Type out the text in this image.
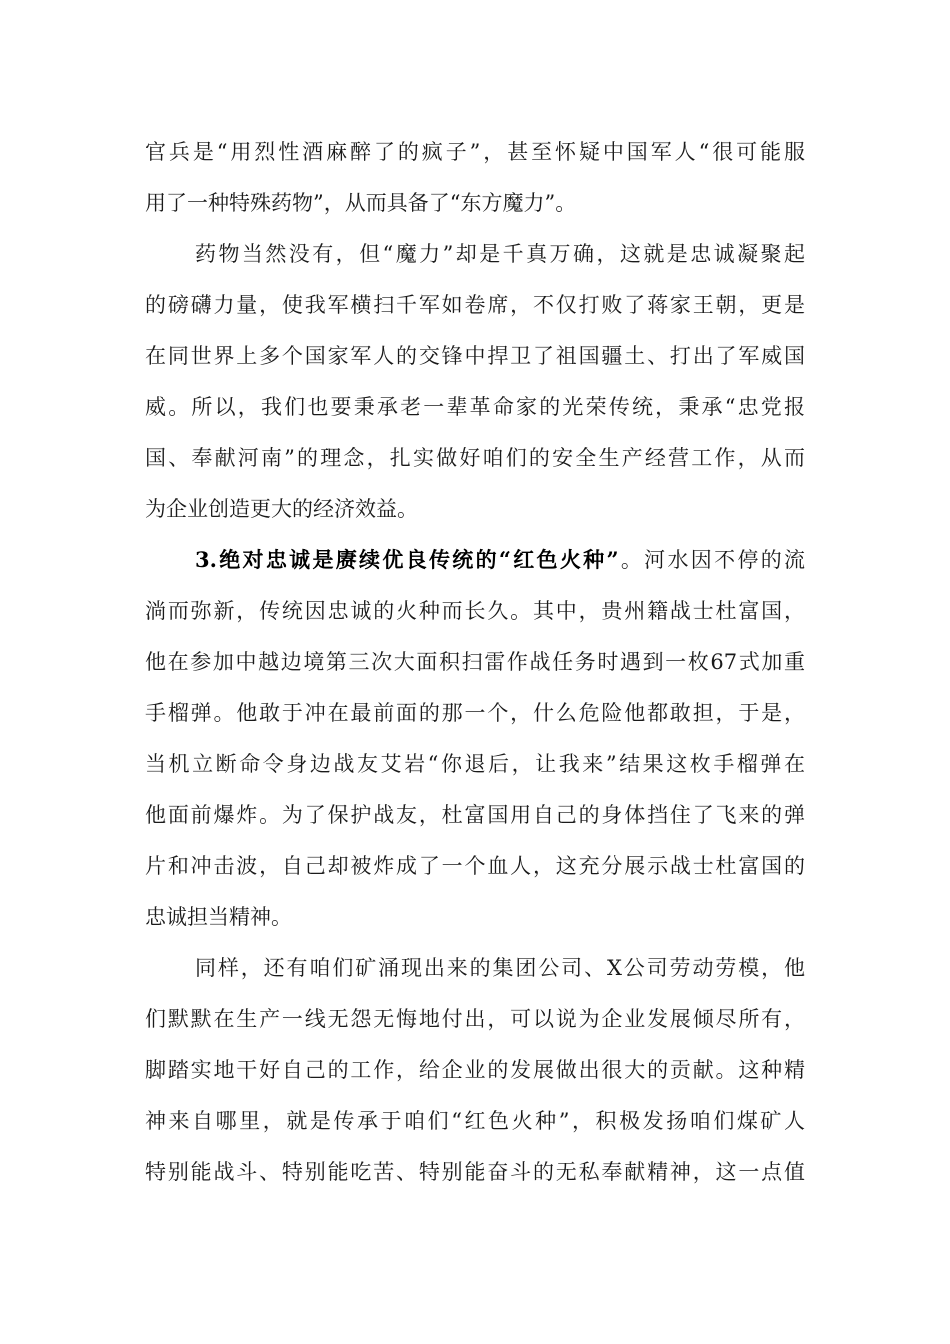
官兵是“用烈性酒麻醉了的疯子”，甚至怀疑中国军人“很可能服
用了一种特殊药物”，从而具备了“东方魔力”。
药物当然没有，但“魔力”却是千真万确，这就是忠诚凝聚起
的磅礴力量，使我军横扫千军如卷席，不仅打败了蒋家王朝，更是
在同世界上多个国家军人的交锋中捍卫了祖国疆土、打出了军威国
威。所以，我们也要秉承老一辈革命家的光荣传统，秉承“忠党报
国、奉献河南”的理念，扎实做好咱们的安全生产经营工作，从而
为企业创造更大的经济效益。
3.绝对忠诚是赓续优良传统的“红色火种”。河水因不停的流
淌而弥新，传统因忠诚的火种而长久。其中，贵州籍战士杜富国，
他在参加中越边境第三次大面积扫雷作战任务时遇到一枚67式加重
手榴弹。他敢于冲在最前面的那一个，什么危险他都敢担，于是，
当机立断命令身边战友艾岩“你退后，让我来”结果这枚手榴弹在
他面前爆炸。为了保护战友，杜富国用自己的身体挡住了飞来的弹
片和冲击波，自己却被炸成了一个血人，这充分展示战士杜富国的
忠诚担当精神。
同样，还有咱们矿涌现出来的集团公司、X公司劳动劳模，他
们默默在生产一线无怨无悔地付出，可以说为企业发展倾尽所有，
脚踏实地干好自己的工作，给企业的发展做出很大的贡献。这种精
神来自哪里，就是传承于咱们“红色火种”，积极发扬咱们煤矿人
特别能战斗、特别能吃苦、特别能奋斗的无私奉献精神，这一点值
